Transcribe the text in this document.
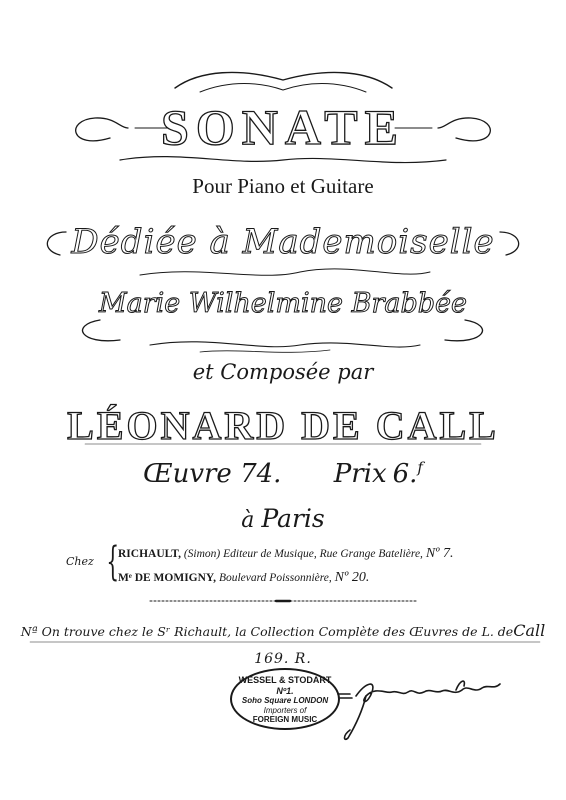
SONATE
Pour Piano et Guitare
Dédiée à Mademoiselle
Marie Wilhelmine Brabbée
et Composée par
LÉONARD DE CALL
Œuvre 74. Prix 6.$^f$
à Paris
Chez {
RICHAULT, (Simon) Editeur de Musique, Rue Grange Batelière, Nº 7.
Mᵉ DE MOMIGNY, Boulevard Poissonnière, Nº 20.
Nª On trouve chez le Sʳ Richault, la Collection Complète des Œuvres de L. deCall
169. R.
WESSEL & STODART
Nº1.
Soho Square LONDON
Importers of
FOREIGN MUSIC
